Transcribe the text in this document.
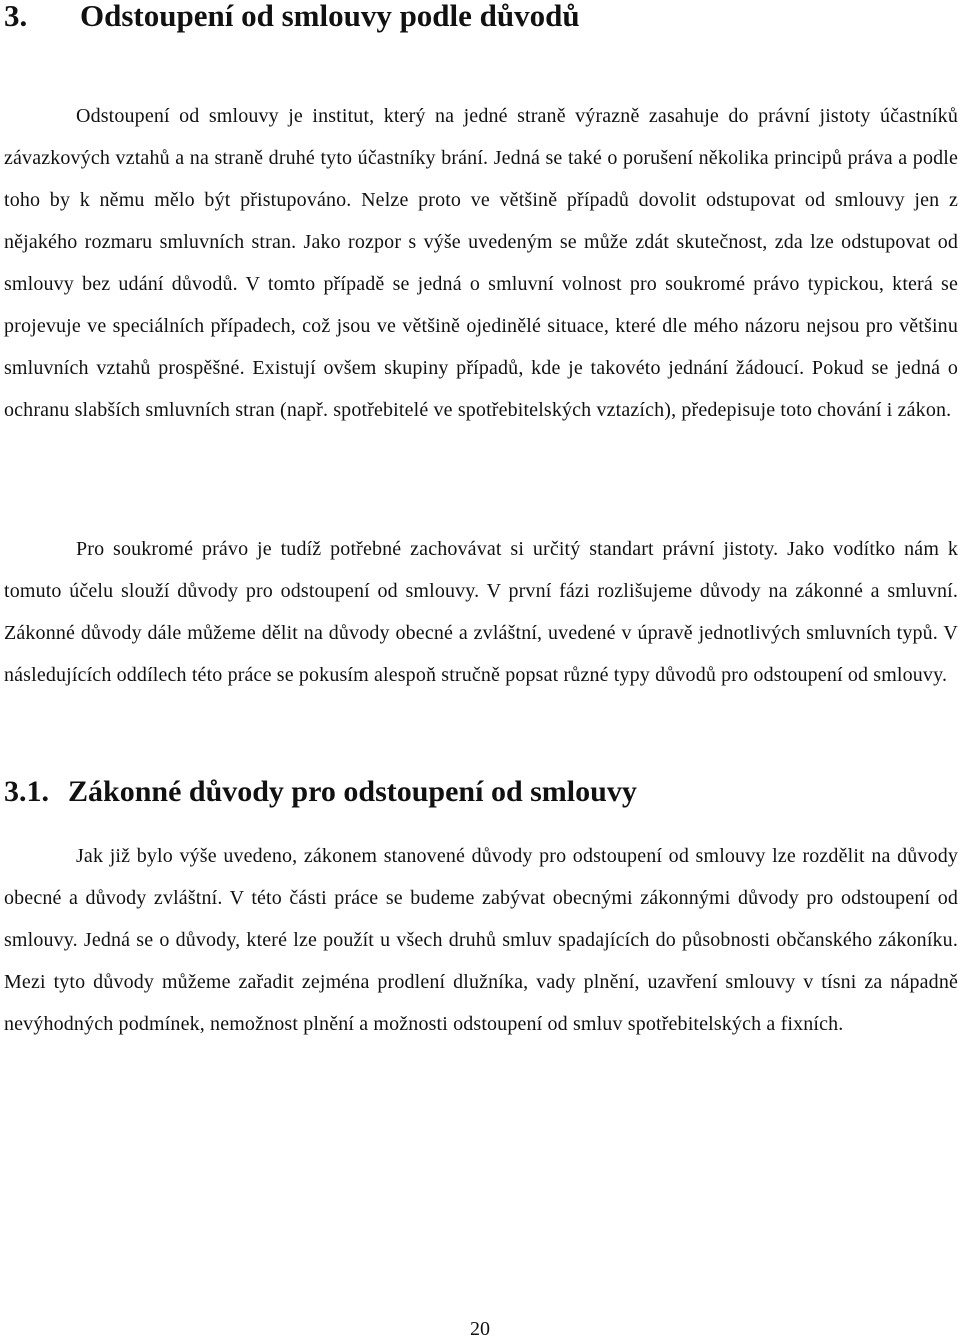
3. Odstoupení od smlouvy podle důvodů

Odstoupení od smlouvy je institut, který na jedné straně výrazně zasahuje do právní jistoty účastníků závazkových vztahů a na straně druhé tyto účastníky brání. Jedná se také o porušení několika principů práva a podle toho by k němu mělo být přistupováno. Nelze proto ve většině případů dovolit odstupovat od smlouvy jen z nějakého rozmaru smluvních stran. Jako rozpor s výše uvedeným se může zdát skutečnost, zda lze odstupovat od smlouvy bez udání důvodů. V tomto případě se jedná o smluvní volnost pro soukromé právo typickou, která se projevuje ve speciálních případech, což jsou ve většině ojedinělé situace, které dle mého názoru nejsou pro většinu smluvních vztahů prospěšné. Existují ovšem skupiny případů, kde je takovéto jednání žádoucí. Pokud se jedná o ochranu slabších smluvních stran (např. spotřebitelé ve spotřebitelských vztazích), předepisuje toto chování i zákon.

Pro soukromé právo je tudíž potřebné zachovávat si určitý standart právní jistoty. Jako vodítko nám k tomuto účelu slouží důvody pro odstoupení od smlouvy. V první fázi rozlišujeme důvody na zákonné a smluvní. Zákonné důvody dále můžeme dělit na důvody obecné a zvláštní, uvedené v úpravě jednotlivých smluvních typů. V následujících oddílech této práce se pokusím alespoň stručně popsat různé typy důvodů pro odstoupení od smlouvy.

3.1. Zákonné důvody pro odstoupení od smlouvy

Jak již bylo výše uvedeno, zákonem stanovené důvody pro odstoupení od smlouvy lze rozdělit na důvody obecné a důvody zvláštní. V této části práce se budeme zabývat obecnými zákonnými důvody pro odstoupení od smlouvy. Jedná se o důvody, které lze použít u všech druhů smluv spadajících do působnosti občanského zákoníku. Mezi tyto důvody můžeme zařadit zejména prodlení dlužníka, vady plnění, uzavření smlouvy v tísni za nápadně nevýhodných podmínek, nemožnost plnění a možnosti odstoupení od smluv spotřebitelských a fixních.

20
